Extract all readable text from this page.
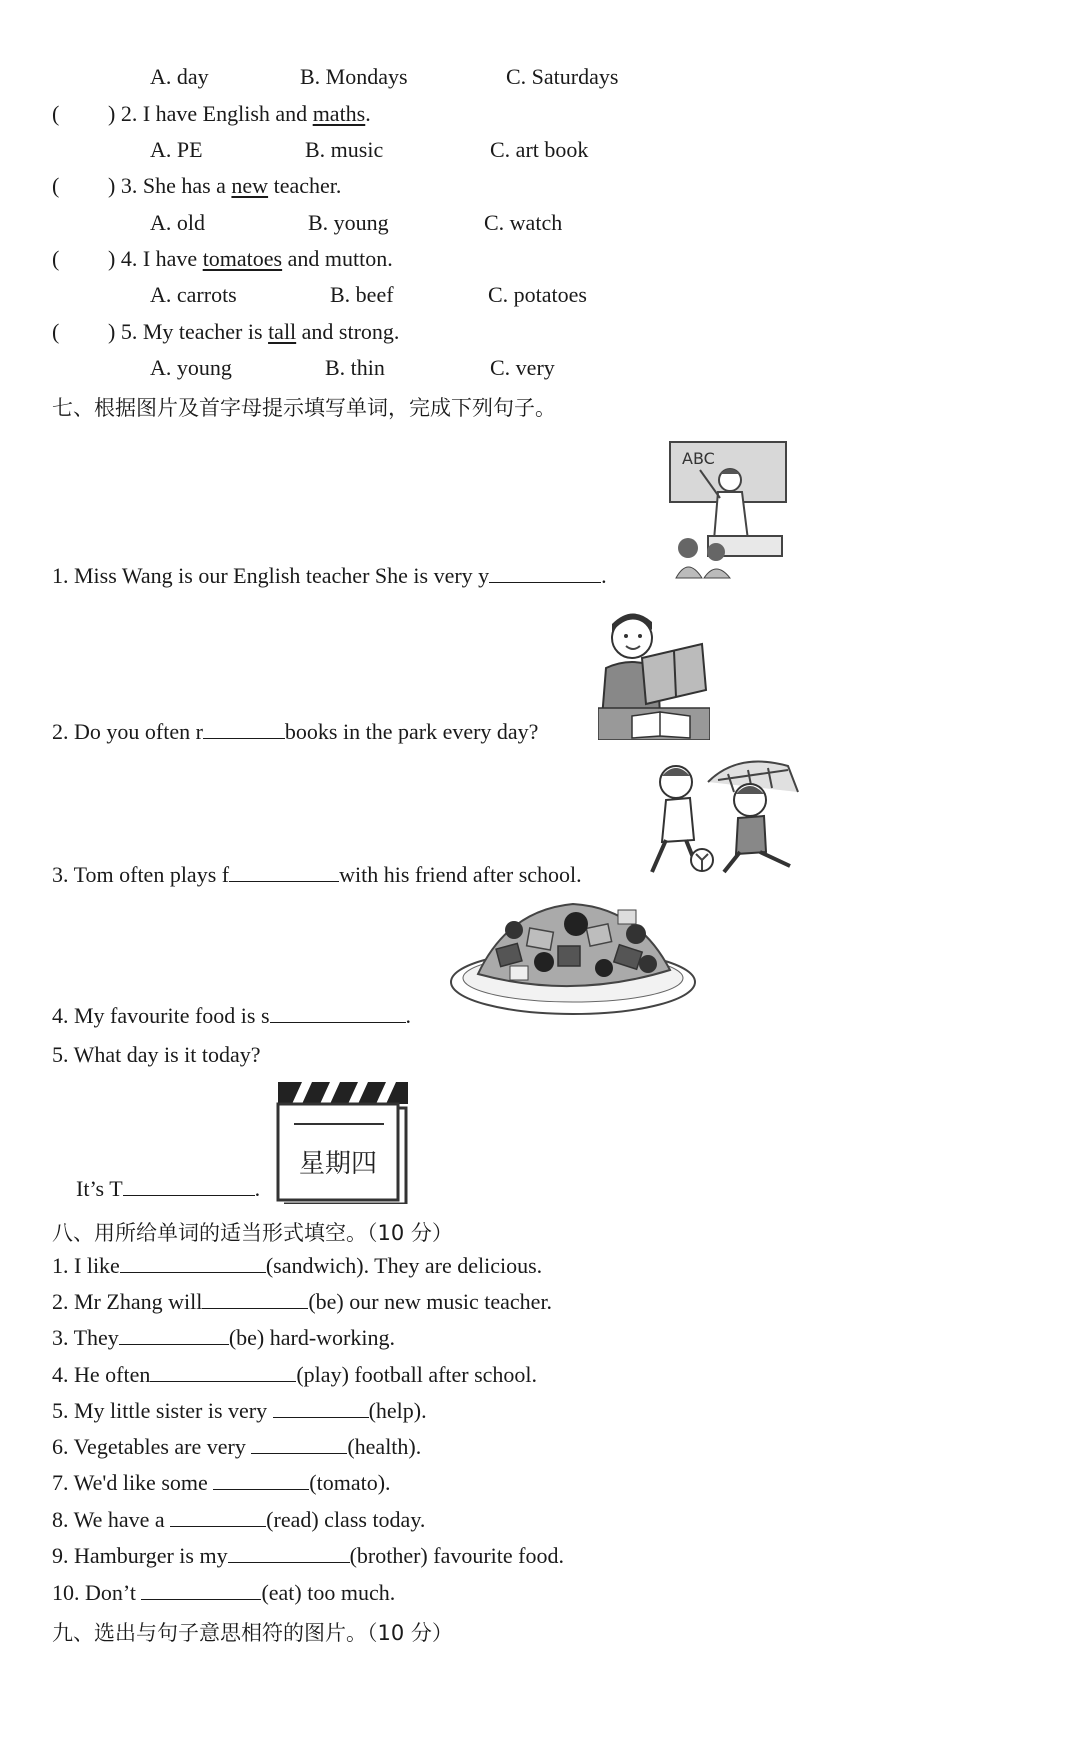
A. day	B. Mondays	C. Saturdays
( ) 2. I have English and maths.
A. PE	B. music	C. art book
( ) 3. She has a new teacher.
A. old	B. young	C. watch
( ) 4. I have tomatoes and mutton.
A. carrots	B. beef	C. potatoes
( ) 5. My teacher is tall and strong.
A. young	B. thin	C. very
七、根据图片及首字母提示填写单词，完成下列句子。
ABC
1. Miss Wang is our English teacher She is very y	.
2. Do you often r	books in the park every day?
3. Tom often plays f	with his friend after school.
4. My favourite food is s	.
5. What day is it today?
星期四
It’s T	.
八、用所给单词的适当形式填空。（10 分）
1. I like	(sandwich). They are delicious.
2. Mr Zhang will	(be) our new music teacher.
3. They	(be) hard-working.
4. He often	(play) football after school.
5. My little sister is very	(help).
6. Vegetables are very	(health).
7. We'd like some	(tomato).
8. We have a	(read) class today.
9. Hamburger is my	(brother) favourite food.
10. Don’t	(eat) too much.
九、选出与句子意思相符的图片。（10 分）
